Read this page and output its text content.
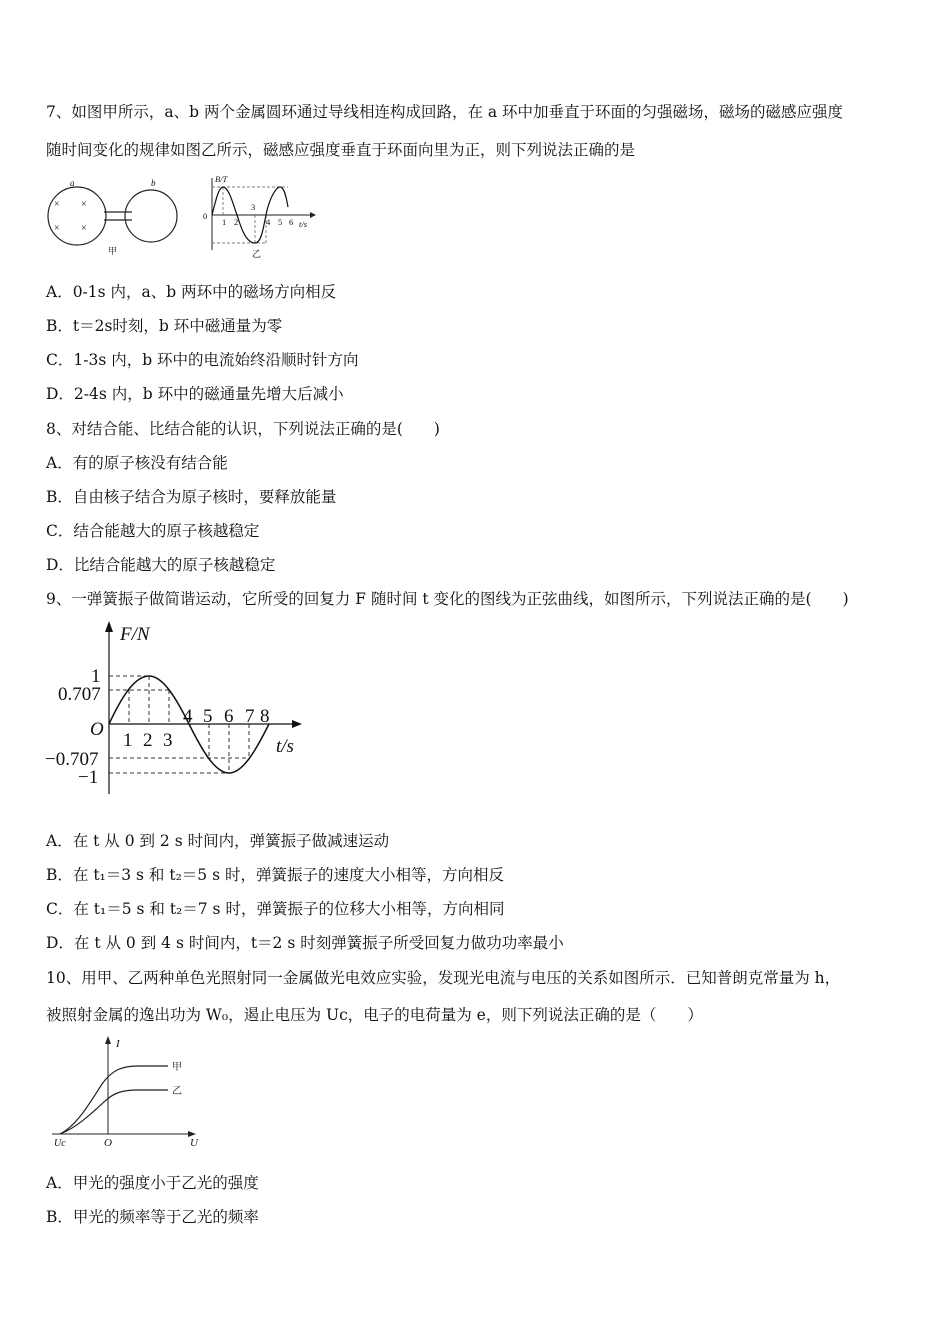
7、如图甲所示，a、b 两个金属圆环通过导线相连构成回路，在 a 环中加垂直于环面的匀强磁场，磁场的磁感应强度
随时间变化的规律如图乙所示，磁感应强度垂直于环面向里为正，则下列说法正确的是
× ×
× ×
a	b
甲
B/T
0
t/s
1 2
3
4 5 6
乙
A．0-1s 内，a、b 两环中的磁场方向相反
B．t＝2s时刻，b 环中磁通量为零
C．1-3s 内，b 环中的电流始终沿顺时针方向
D．2-4s 内，b 环中的磁通量先增大后减小
8、对结合能、比结合能的认识，下列说法正确的是(　　)
A．有的原子核没有结合能
B．自由核子结合为原子核时，要释放能量
C．结合能越大的原子核越稳定
D．比结合能越大的原子核越稳定
9、一弹簧振子做简谐运动，它所受的回复力 F 随时间 t 变化的图线为正弦曲线，如图所示，下列说法正确的是(　　)
F/N
t/s
O
1
0.707
−0.707
−1
1 2 3
4 5 6 7 8
A．在 t 从 0 到 2 s 时间内，弹簧振子做减速运动
B．在 t₁＝3 s 和 t₂＝5 s 时，弹簧振子的速度大小相等，方向相反
C．在 t₁＝5 s 和 t₂＝7 s 时，弹簧振子的位移大小相等，方向相同
D．在 t 从 0 到 4 s 时间内，t＝2 s 时刻弹簧振子所受回复力做功功率最小
10、用甲、乙两种单色光照射同一金属做光电效应实验，发现光电流与电压的关系如图所示．已知普朗克常量为 h，
被照射金属的逸出功为 W₀，遏止电压为 Uc，电子的电荷量为 e，则下列说法正确的是（　　）
I
U
O
Uc
甲
乙
A．甲光的强度小于乙光的强度
B．甲光的频率等于乙光的频率
